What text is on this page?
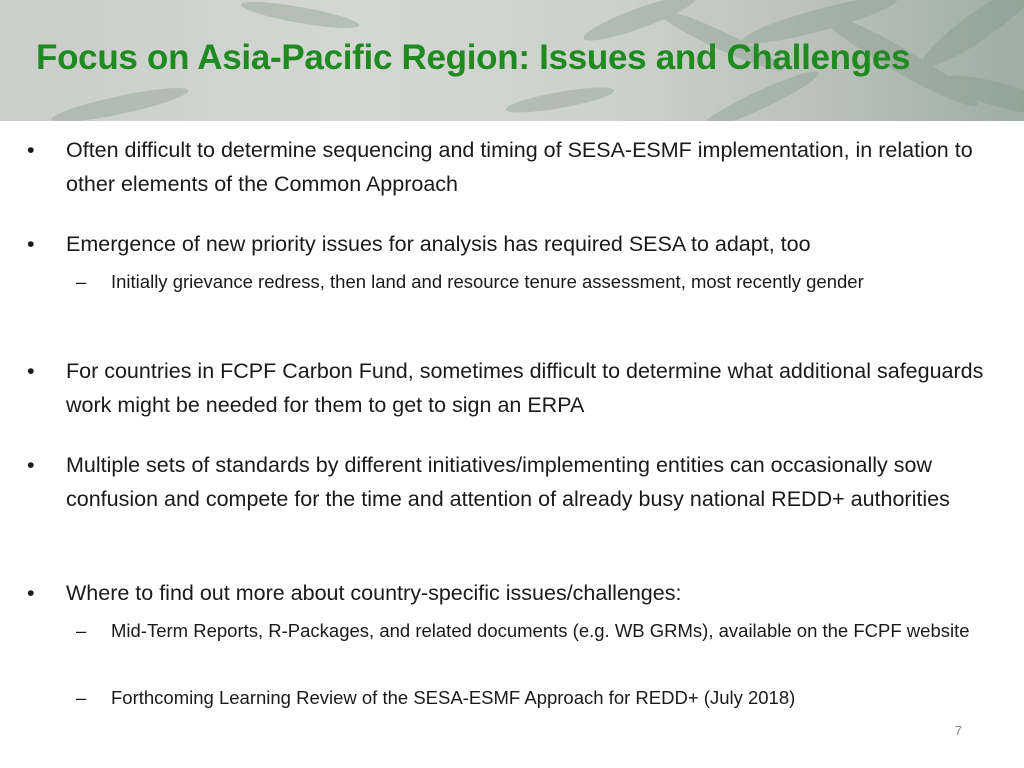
Focus on Asia-Pacific Region: Issues and Challenges
• Often difficult to determine sequencing and timing of SESA-ESMF implementation, in relation to other elements of the Common Approach
• Emergence of new priority issues for analysis has required SESA to adapt, too
– Initially grievance redress, then land and resource tenure assessment, most recently gender
• For countries in FCPF Carbon Fund, sometimes difficult to determine what additional safeguards work might be needed for them to get to sign an ERPA
• Multiple sets of standards by different initiatives/implementing entities can occasionally sow confusion and compete for the time and attention of already busy national REDD+ authorities
• Where to find out more about country-specific issues/challenges:
– Mid-Term Reports, R-Packages, and related documents (e.g. WB GRMs), available on the FCPF website
– Forthcoming Learning Review of the SESA-ESMF Approach for REDD+ (July 2018)
7
